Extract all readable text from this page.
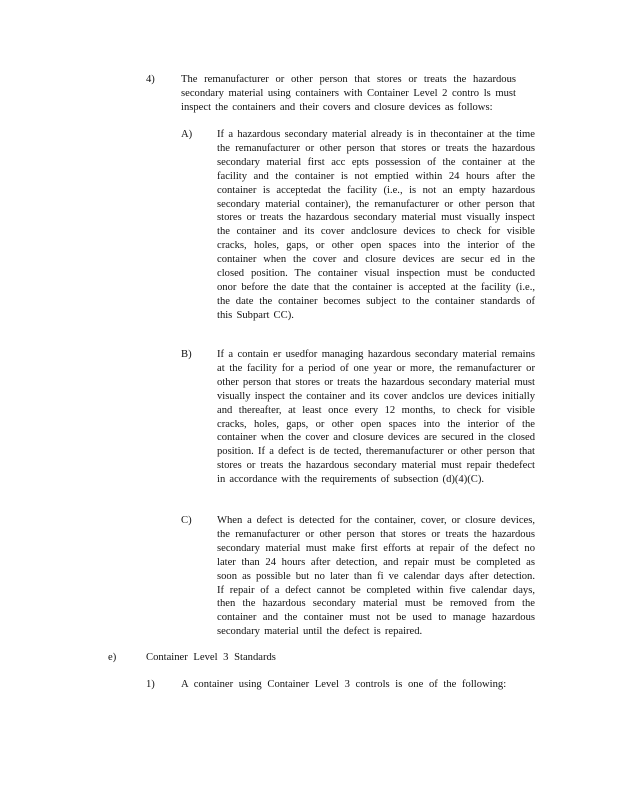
4) The remanufacturer or other person that stores or treats the hazardous secondary material using containers with Container Level 2 contro ls must inspect the containers and their covers and closure devices as follows:
A) If a hazardous secondary material already is in thecontainer at the time the remanufacturer or other person that stores or treats the hazardous secondary material first acc epts possession of the container at the facility and the container is not emptied within 24 hours after the container is acceptedat the facility (i.e., is not an empty hazardous secondary material container), the remanufacturer or other person that stores or treats the hazardous secondary material must visually inspect the container and its cover andclosure devices to check for visible cracks, holes, gaps, or other open spaces into the interior of the container when the cover and closure devices are secur ed in the closed position. The container visual inspection must be conducted onor before the date that the container is accepted at the facility (i.e., the date the container becomes subject to the container standards of this Subpart CC).
B) If a contain er usedfor managing hazardous secondary material remains at the facility for a period of one year or more, the remanufacturer or other person that stores or treats the hazardous secondary material must visually inspect the container and its cover andclos ure devices initially and thereafter, at least once every 12 months, to check for visible cracks, holes, gaps, or other open spaces into the interior of the container when the cover and closure devices are secured in the closed position. If a defect is de tected, theremanufacturer or other person that stores or treats the hazardous secondary material must repair thedefect in accordance with the requirements of subsection (d)(4)(C).
C) When a defect is detected for the container, cover, or closure devices, the remanufacturer or other person that stores or treats the hazardous secondary material must make first efforts at repair of the defect no later than 24 hours after detection, and repair must be completed as soon as possible but no later than fi ve calendar days after detection. If repair of a defect cannot be completed within five calendar days, then the hazardous secondary material must be removed from the container and the container must not be used to manage hazardous secondary material until the defect is repaired.
e)	Container Level 3 Standards
1) A container using Container Level 3 controls is one of the following:
